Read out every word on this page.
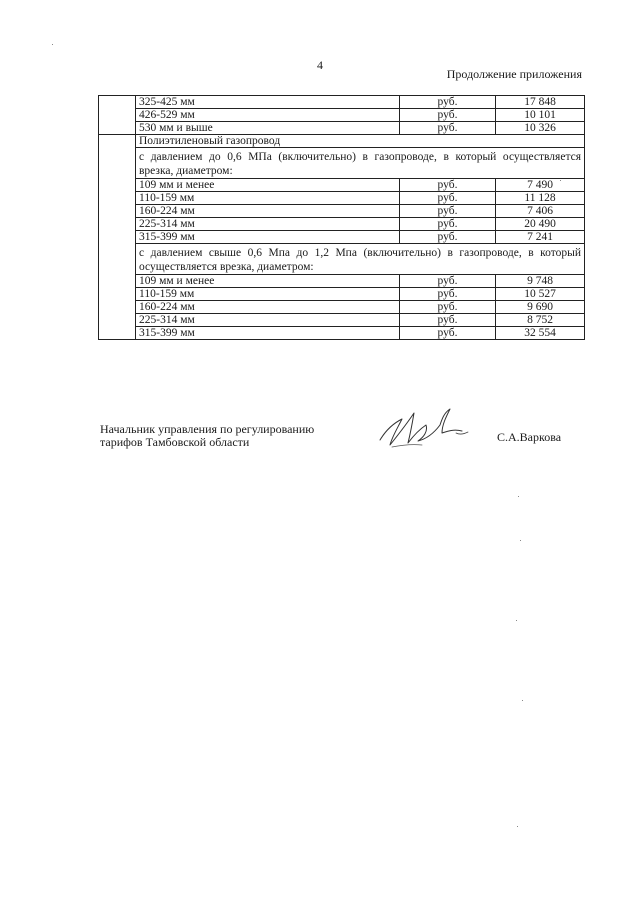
4
Продолжение приложения
	325-425 мм	руб.	17 848
	426-529 мм	руб.	10 101
	530 мм и выше	руб.	10 326
	Полиэтиленовый газопровод		
	с давлением до 0,6 МПа (включительно) в газопроводе, в который осуществляется врезка, диаметром:		
	109 мм и менее	руб.	7 490
	110-159 мм	руб.	11 128
	160-224 мм	руб.	7 406
	225-314 мм	руб.	20 490
	315-399 мм	руб.	7 241
	с давлением свыше 0,6 Мпа до 1,2 Мпа (включительно) в газопроводе, в который осуществляется врезка, диаметром:		
	109 мм и менее	руб.	9 748
	110-159 мм	руб.	10 527
	160-224 мм	руб.	9 690
	225-314 мм	руб.	8 752
	315-399 мм	руб.	32 554
Начальник управления по регулированию
тарифов Тамбовской области	С.А.Варкова
